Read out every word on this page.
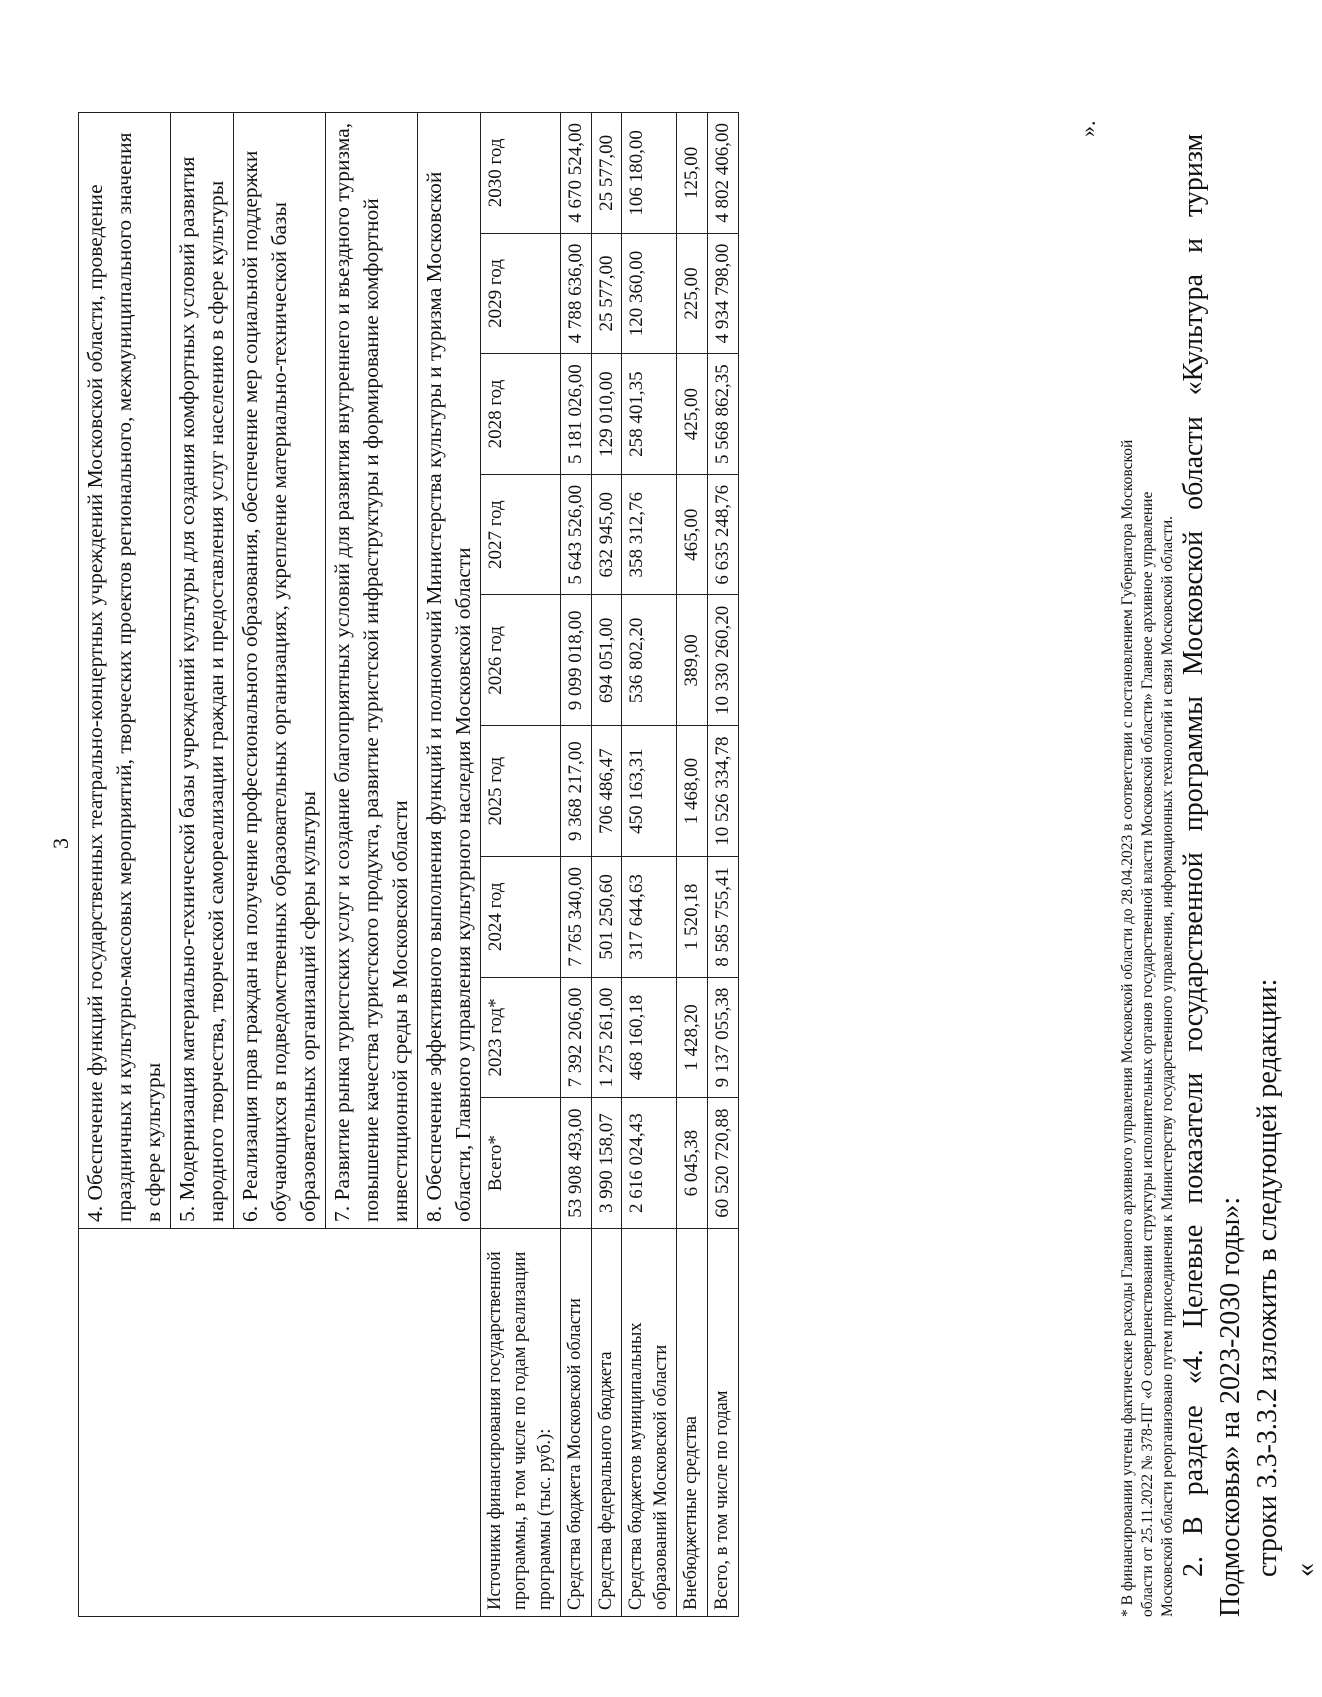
3
	4. Обеспечение функций государственных театрально-концертных учреждений Московской области, проведение праздничных и культурно-массовых мероприятий, творческих проектов регионального, межмуниципального значения в сфере культуры								
	5. Модернизация материально-технической базы учреждений культуры для создания комфортных условий развития народного творчества, творческой самореализации граждан и предоставления услуг населению в сфере культуры								
	6. Реализация прав граждан на получение профессионального образования, обеспечение мер социальной поддержки обучающихся в подведомственных образовательных организациях, укрепление материально-технической базы образовательных организаций сферы культуры								
	7. Развитие рынка туристских услуг и создание благоприятных условий для развития внутреннего и въездного туризма, повышение качества туристского продукта, развитие туристской инфраструктуры и формирование комфортной инвестиционной среды в Московской области								
	8. Обеспечение эффективного выполнения функций и полномочий Министерства культуры и туризма Московской области, Главного управления культурного наследия Московской области								
Источники финансирования государственной программы, в том числе по годам реализации программы (тыс. руб.):	Всего*	2023 год*	2024 год	2025 год	2026 год	2027 год	2028 год	2029 год	2030 год
Средства бюджета Московской области	53 908 493,00	7 392 206,00	7 765 340,00	9 368 217,00	9 099 018,00	5 643 526,00	5 181 026,00	4 788 636,00	4 670 524,00
Средства федерального бюджета	3 990 158,07	1 275 261,00	501 250,60	706 486,47	694 051,00	632 945,00	129 010,00	25 577,00	25 577,00
Средства бюджетов муниципальных образований Московской области	2 616 024,43	468 160,18	317 644,63	450 163,31	536 802,20	358 312,76	258 401,35	120 360,00	106 180,00
Внебюджетные средства	6 045,38	1 428,20	1 520,18	1 468,00	389,00	465,00	425,00	225,00	125,00
Всего, в том числе по годам	60 520 720,88	9 137 055,38	8 585 755,41	10 526 334,78	10 330 260,20	6 635 248,76	5 568 862,35	4 934 798,00	4 802 406,00	».
* В финансировании учтены фактические расходы Главного архивного управления Московской области до 28.04.2023 в соответствии с постановлением Губернатора Московской области от 25.11.2022 № 378-ПГ «О совершенствовании структуры исполнительных органов государственной власти Московской области» Главное архивное управление Московской области реорганизовано путем присоединения к Министерству государственного управления, информационных технологий и связи Московской области. 2. В разделе «4. Целевые показатели государственной программы Московской области «Культура и туризм Подмосковья» на 2023-2030 годы»: строки 3.3-3.3.2 изложить в следующей редакции: «
